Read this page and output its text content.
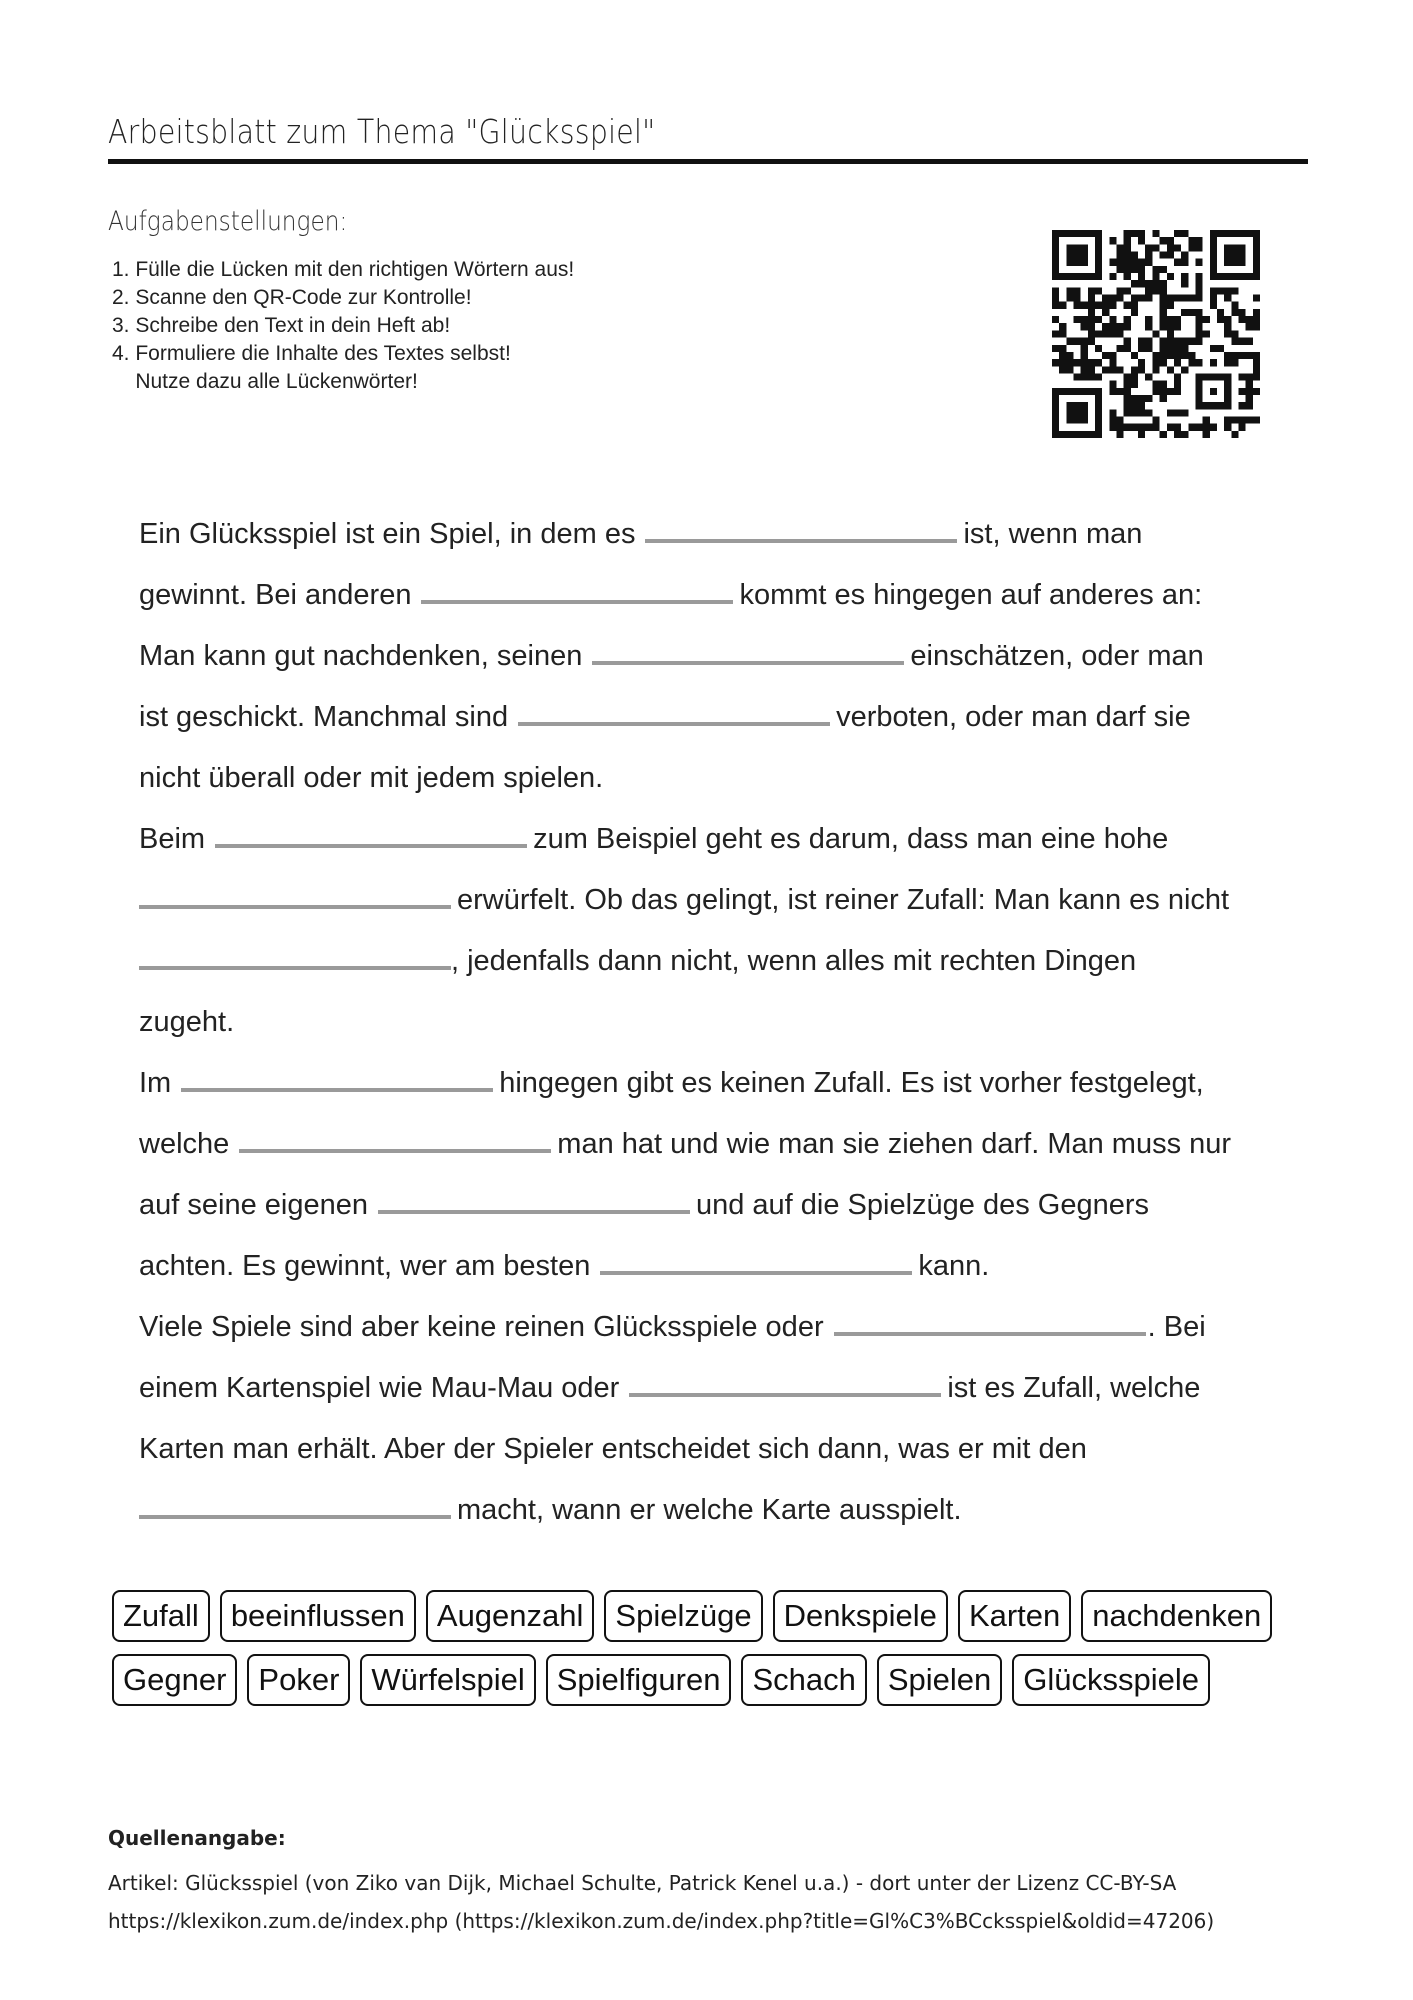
Arbeitsblatt zum Thema "Glücksspiel"
Aufgabenstellungen:
1. Fülle die Lücken mit den richtigen Wörtern aus!
2. Scanne den QR-Code zur Kontrolle!
3. Schreibe den Text in dein Heft ab!
4. Formuliere die Inhalte des Textes selbst!
Nutze dazu alle Lückenwörter!
Ein Glücksspiel ist ein Spiel, in dem es	ist, wenn man
gewinnt. Bei anderen	kommt es hingegen auf anderes an:
Man kann gut nachdenken, seinen	einschätzen, oder man
ist geschickt. Manchmal sind	verboten, oder man darf sie
nicht überall oder mit jedem spielen.
Beim	zum Beispiel geht es darum, dass man eine hohe
erwürfelt. Ob das gelingt, ist reiner Zufall: Man kann es nicht
, jedenfalls dann nicht, wenn alles mit rechten Dingen
zugeht.
Im	hingegen gibt es keinen Zufall. Es ist vorher festgelegt,
welche	man hat und wie man sie ziehen darf. Man muss nur
auf seine eigenen	und auf die Spielzüge des Gegners
achten. Es gewinnt, wer am besten	kann.
Viele Spiele sind aber keine reinen Glücksspiele oder	. Bei
einem Kartenspiel wie Mau-Mau oder	ist es Zufall, welche
Karten man erhält. Aber der Spieler entscheidet sich dann, was er mit den
macht, wann er welche Karte ausspielt.
Zufall	beeinflussen	Augenzahl	Spielzüge	Denkspiele	Karten	nachdenken
Gegner	Poker	Würfelspiel	Spielfiguren	Schach	Spielen	Glücksspiele
Quellenangabe:
Artikel: Glücksspiel (von Ziko van Dijk, Michael Schulte, Patrick Kenel u.a.) - dort unter der Lizenz CC-BY-SA
https://klexikon.zum.de/index.php (https://klexikon.zum.de/index.php?title=Gl%C3%BCcksspiel&oldid=47206)
